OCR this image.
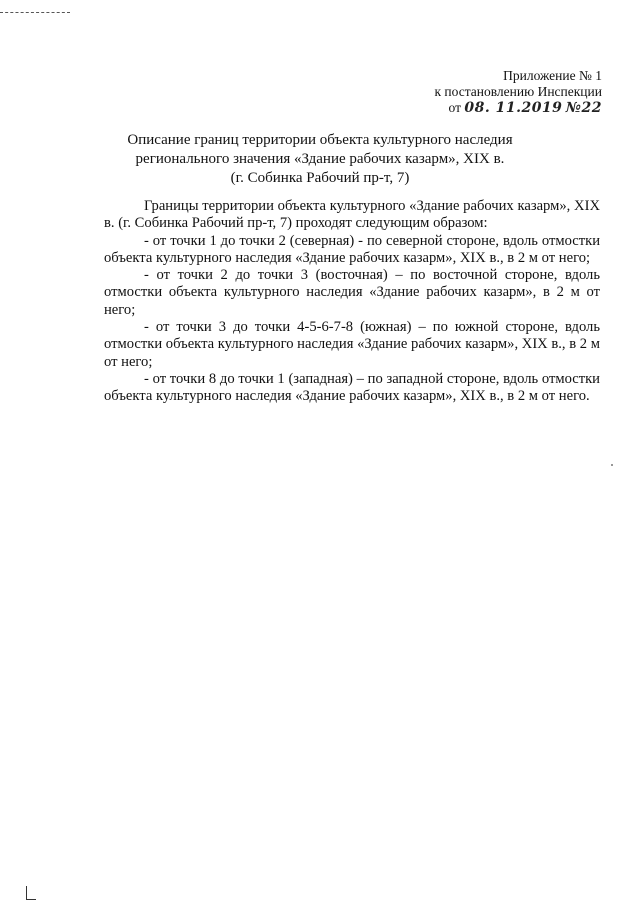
Приложение № 1
к постановлению Инспекции
от 08. 11.2019 №22
Описание границ территории объекта культурного наследия
регионального значения «Здание рабочих казарм», XIX в.
(г. Собинка Рабочий пр-т, 7)

Границы территории объекта культурного «Здание рабочих казарм», XIX в. (г. Собинка Рабочий пр-т, 7) проходят следующим образом:

- от точки 1 до точки 2 (северная) - по северной стороне, вдоль отмостки объекта культурного наследия «Здание рабочих казарм», XIX в., в 2 м от него;

- от точки 2 до точки 3 (восточная) – по восточной стороне, вдоль отмостки объекта культурного наследия «Здание рабочих казарм», в 2 м от него;

- от точки 3 до точки 4-5-6-7-8 (южная) – по южной стороне, вдоль отмостки объекта культурного наследия «Здание рабочих казарм», XIX в., в 2 м от него;

- от точки 8 до точки 1 (западная) – по западной стороне, вдоль отмостки объекта культурного наследия «Здание рабочих казарм», XIX в., в 2 м от него.
